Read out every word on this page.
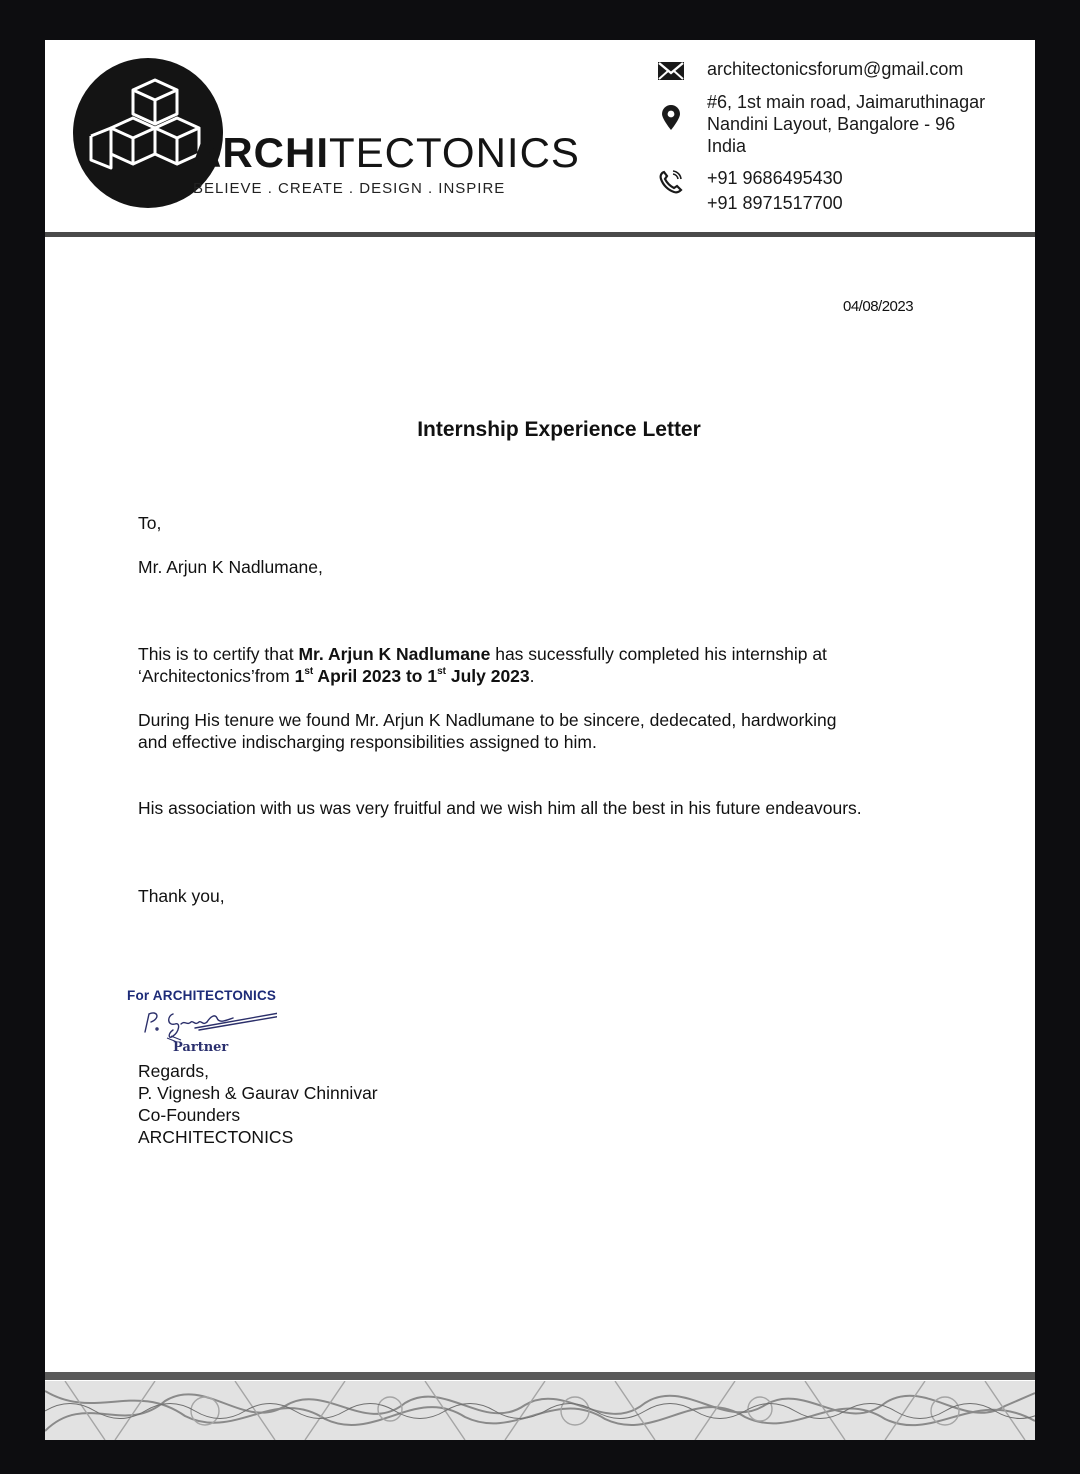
ARCHITECTONICS
BELIEVE . CREATE . DESIGN . INSPIRE
architectonicsforum@gmail.com
#6, 1st main road, Jaimaruthinagar
Nandini Layout, Bangalore - 96
India
+91 9686495430
+91 8971517700
04/08/2023
Internship Experience Letter
To,
Mr. Arjun K Nadlumane,
This is to certify that Mr. Arjun K Nadlumane has sucessfully completed his internship at
‘Architectonics’from 1st April 2023 to 1st July 2023.
During His tenure we found Mr. Arjun K Nadlumane to be sincere, dedecated, hardworking
and effective indischarging responsibilities assigned to him.
His association with us was very fruitful and we wish him all the best in his future endeavours.
Thank you,
For ARCHITECTONICS
Partner
Regards,
P. Vignesh & Gaurav Chinnivar
Co-Founders
ARCHITECTONICS
